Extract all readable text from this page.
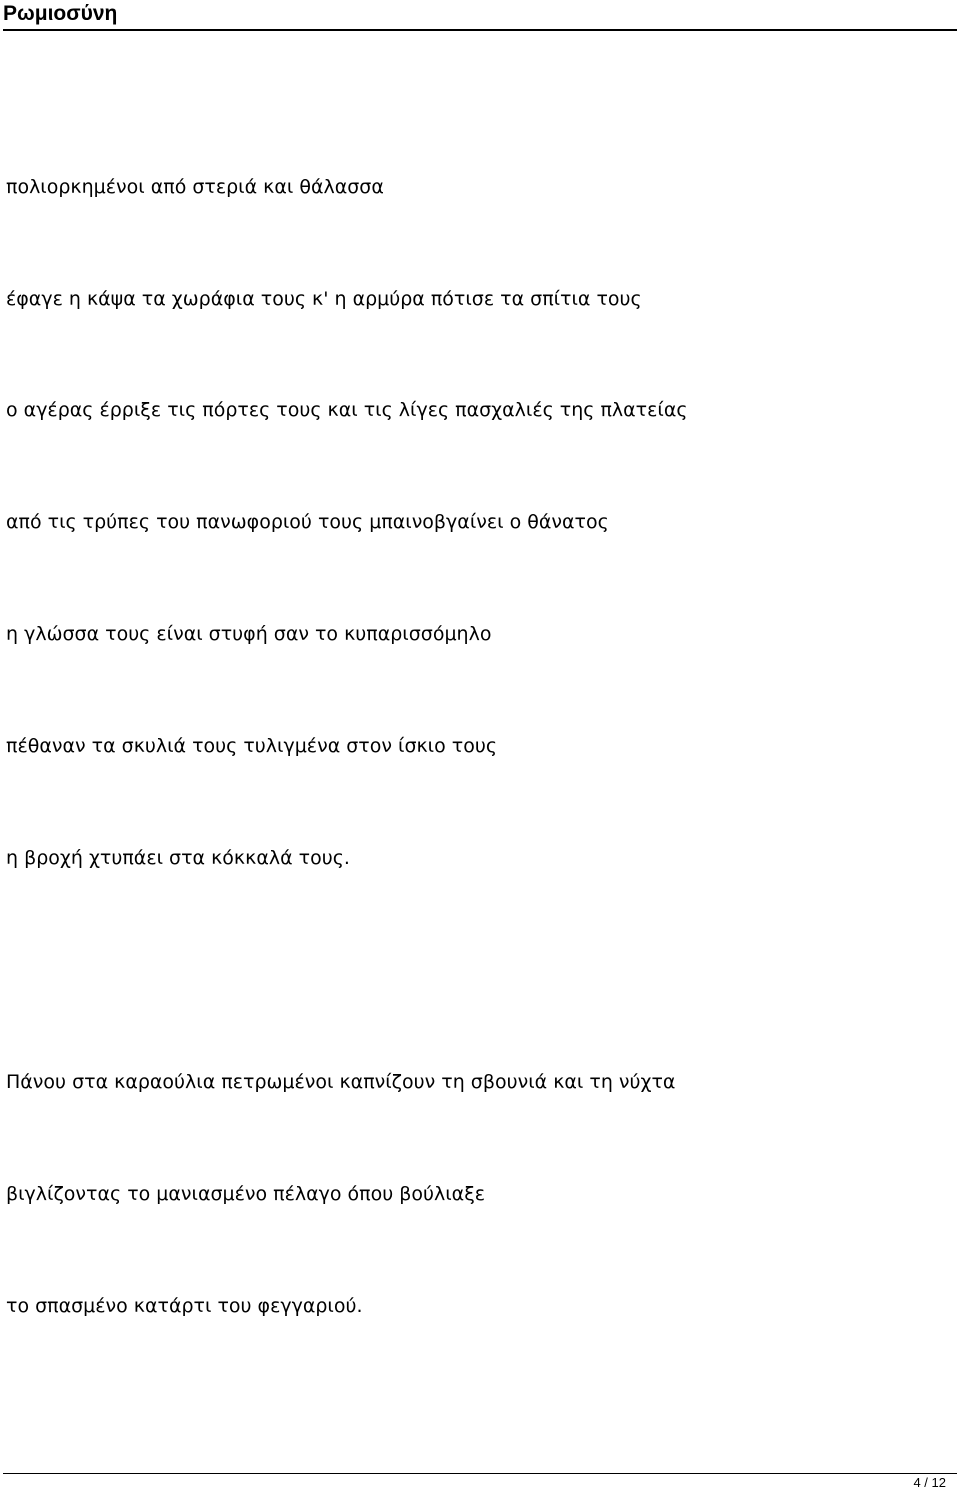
Ρωμιοσύνη

πολιορκημένοι από στεριά και θάλασσα

έφαγε η κάψα τα χωράφια τους κ' η αρμύρα πότισε τα σπίτια τους

ο αγέρας έρριξε τις πόρτες τους και τις λίγες πασχαλιές της πλατείας

από τις τρύπες του πανωφοριού τους μπαινοβγαίνει ο θάνατος

η γλώσσα τους είναι στυφή σαν το κυπαρισσόμηλο

πέθαναν τα σκυλιά τους τυλιγμένα στον ίσκιο τους

η βροχή χτυπάει στα κόκκαλά τους.

Πάνου στα καραούλια πετρωμένοι καπνίζουν τη σβουνιά και τη νύχτα

βιγλίζοντας το μανιασμένο πέλαγο όπου βούλιαξε

το σπασμένο κατάρτι του φεγγαριού.

4 / 12
